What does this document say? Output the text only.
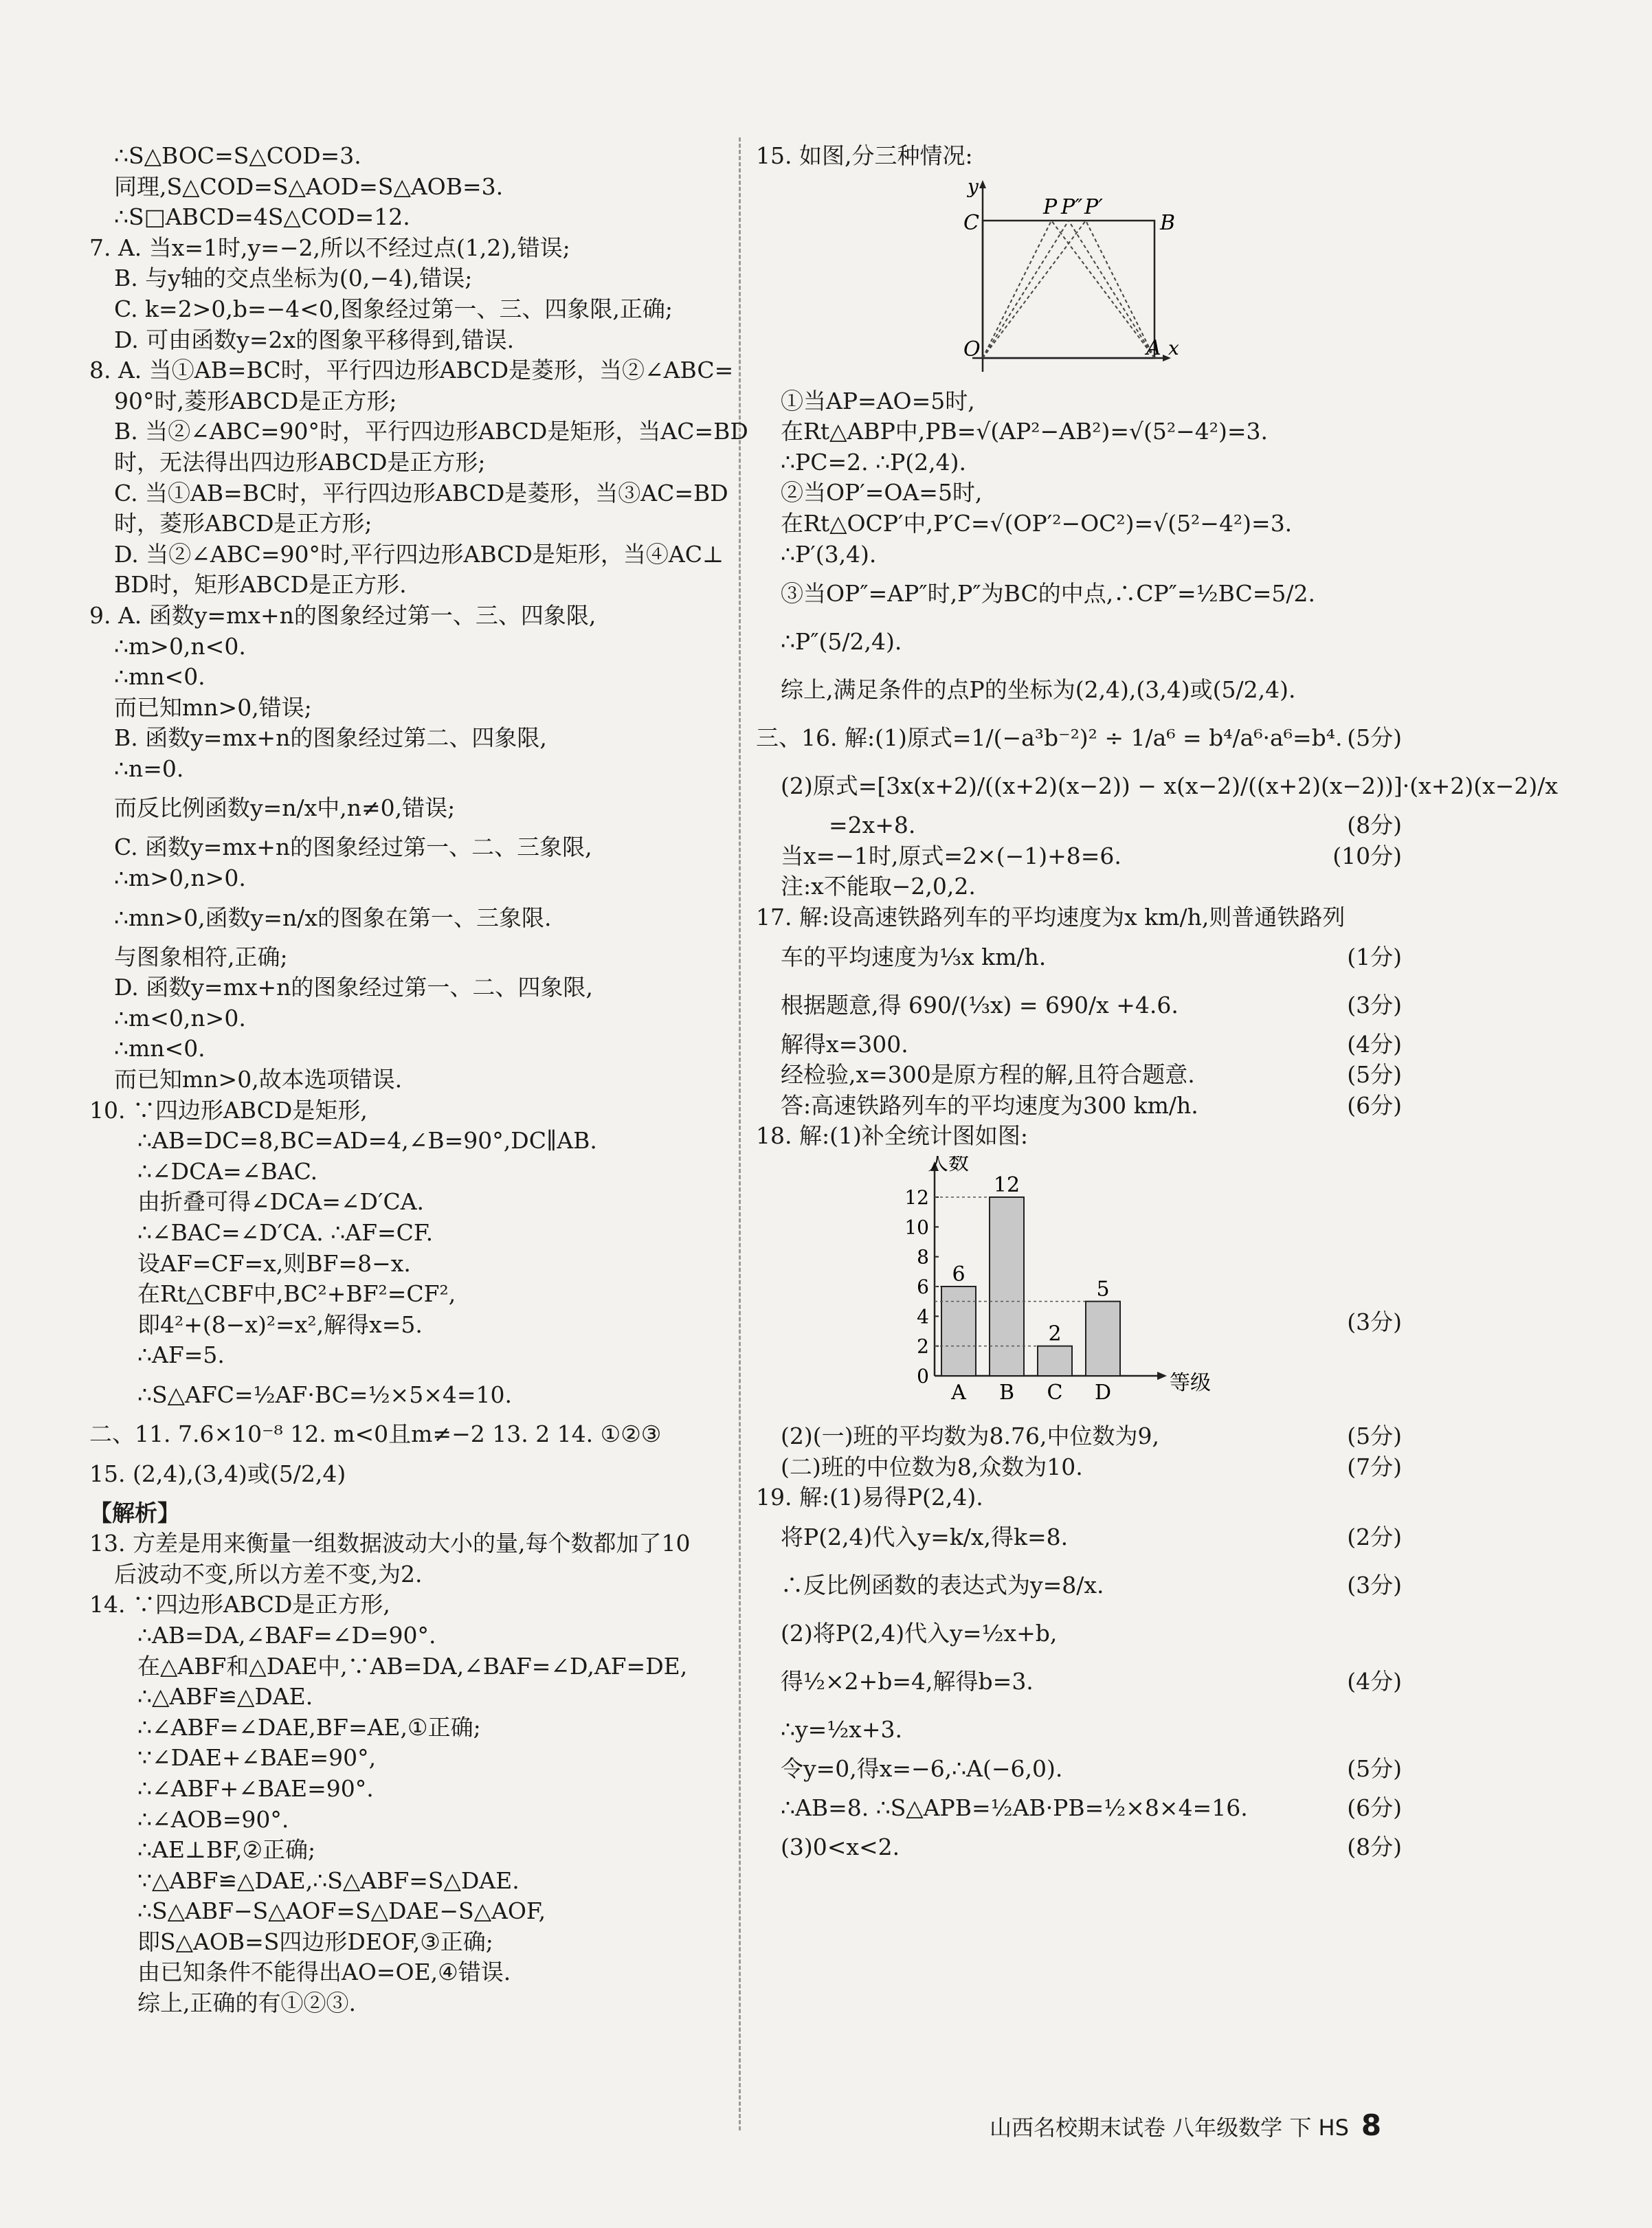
∴S△BOC=S△COD=3.
同理,S△COD=S△AOD=S△AOB=3.
∴S□ABCD=4S△COD=12.
7. A. 当x=1时,y=−2,所以不经过点(1,2),错误;
B. 与y轴的交点坐标为(0,−4),错误;
C. k=2>0,b=−4<0,图象经过第一、三、四象限,正确;
D. 可由函数y=2x的图象平移得到,错误.
8. A. 当①AB=BC时，平行四边形ABCD是菱形，当②∠ABC=
90°时,菱形ABCD是正方形;
B. 当②∠ABC=90°时，平行四边形ABCD是矩形，当AC=BD
时，无法得出四边形ABCD是正方形;
C. 当①AB=BC时，平行四边形ABCD是菱形，当③AC=BD
时，菱形ABCD是正方形;
D. 当②∠ABC=90°时,平行四边形ABCD是矩形，当④AC⊥
BD时，矩形ABCD是正方形.
9. A. 函数y=mx+n的图象经过第一、三、四象限,
∴m>0,n<0.
∴mn<0.
而已知mn>0,错误;
B. 函数y=mx+n的图象经过第二、四象限,
∴n=0.
而反比例函数y=n/x中,n≠0,错误;
C. 函数y=mx+n的图象经过第一、二、三象限,
∴m>0,n>0.
∴mn>0,函数y=n/x的图象在第一、三象限.
与图象相符,正确;
D. 函数y=mx+n的图象经过第一、二、四象限,
∴m<0,n>0.
∴mn<0.
而已知mn>0,故本选项错误.
10. ∵四边形ABCD是矩形,
∴AB=DC=8,BC=AD=4,∠B=90°,DC∥AB.
∴∠DCA=∠BAC.
由折叠可得∠DCA=∠D′CA.
∴∠BAC=∠D′CA. ∴AF=CF.
设AF=CF=x,则BF=8−x.
在Rt△CBF中,BC²+BF²=CF²,
即4²+(8−x)²=x²,解得x=5.
∴AF=5.
∴S△AFC=½AF·BC=½×5×4=10.
二、11. 7.6×10⁻⁸ 12. m<0且m≠−2 13. 2 14. ①②③
15. (2,4),(3,4)或(5/2,4)
【解析】
13. 方差是用来衡量一组数据波动大小的量,每个数都加了10
后波动不变,所以方差不变,为2.
14. ∵四边形ABCD是正方形,
∴AB=DA,∠BAF=∠D=90°.
在△ABF和△DAE中,∵AB=DA,∠BAF=∠D,AF=DE,
∴△ABF≌△DAE.
∴∠ABF=∠DAE,BF=AE,①正确;
∵∠DAE+∠BAE=90°,
∴∠ABF+∠BAE=90°.
∴∠AOB=90°.
∴AE⊥BF,②正确;
∵△ABF≌△DAE,∴S△ABF=S△DAE.
∴S△ABF−S△AOF=S△DAE−S△AOF,
即S△AOB=S四边形DEOF,③正确;
由已知条件不能得出AO=OE,④错误.
综上,正确的有①②③.
15. 如图,分三种情况:
y
x
O	A
B
C
P P″ P′
①当AP=AO=5时,
在Rt△ABP中,PB=√(AP²−AB²)=√(5²−4²)=3.
∴PC=2. ∴P(2,4).
②当OP′=OA=5时,
在Rt△OCP′中,P′C=√(OP′²−OC²)=√(5²−4²)=3.
∴P′(3,4).
③当OP″=AP″时,P″为BC的中点,∴CP″=½BC=5/2.
∴P″(5/2,4).
综上,满足条件的点P的坐标为(2,4),(3,4)或(5/2,4).
三、16. 解:(1)原式=1/(−a³b⁻²)² ÷ 1/a⁶ = b⁴/a⁶·a⁶=b⁴. (5分)
(2)原式=[3x(x+2)/((x+2)(x−2)) − x(x−2)/((x+2)(x−2))]·(x+2)(x−2)/x
=2x+8.	(8分)
当x=−1时,原式=2×(−1)+8=6.	(10分)
注:x不能取−2,0,2.
17. 解:设高速铁路列车的平均速度为x km/h,则普通铁路列
车的平均速度为⅓x km/h.	(1分)
根据题意,得 690/(⅓x) = 690/x +4.6.	(3分)
解得x=300.	(4分)
经检验,x=300是原方程的解,且符合题意.	(5分)
答:高速铁路列车的平均速度为300 km/h.	(6分)
18. 解:(1)补全统计图如图:
人数
等级
0
2
4
6
8
10
12
6
A
12
B
2
C
5
D
(3分)
(2)(一)班的平均数为8.76,中位数为9,	(5分)
(二)班的中位数为8,众数为10.	(7分)
19. 解:(1)易得P(2,4).
将P(2,4)代入y=k/x,得k=8.	(2分)
∴反比例函数的表达式为y=8/x.	(3分)
(2)将P(2,4)代入y=½x+b,
得½×2+b=4,解得b=3.	(4分)
∴y=½x+3.
令y=0,得x=−6,∴A(−6,0).	(5分)
∴AB=8. ∴S△APB=½AB·PB=½×8×4=16.	(6分)
(3)0<x<2.	(8分)
山西名校期末试卷 八年级数学 下 HS 8
